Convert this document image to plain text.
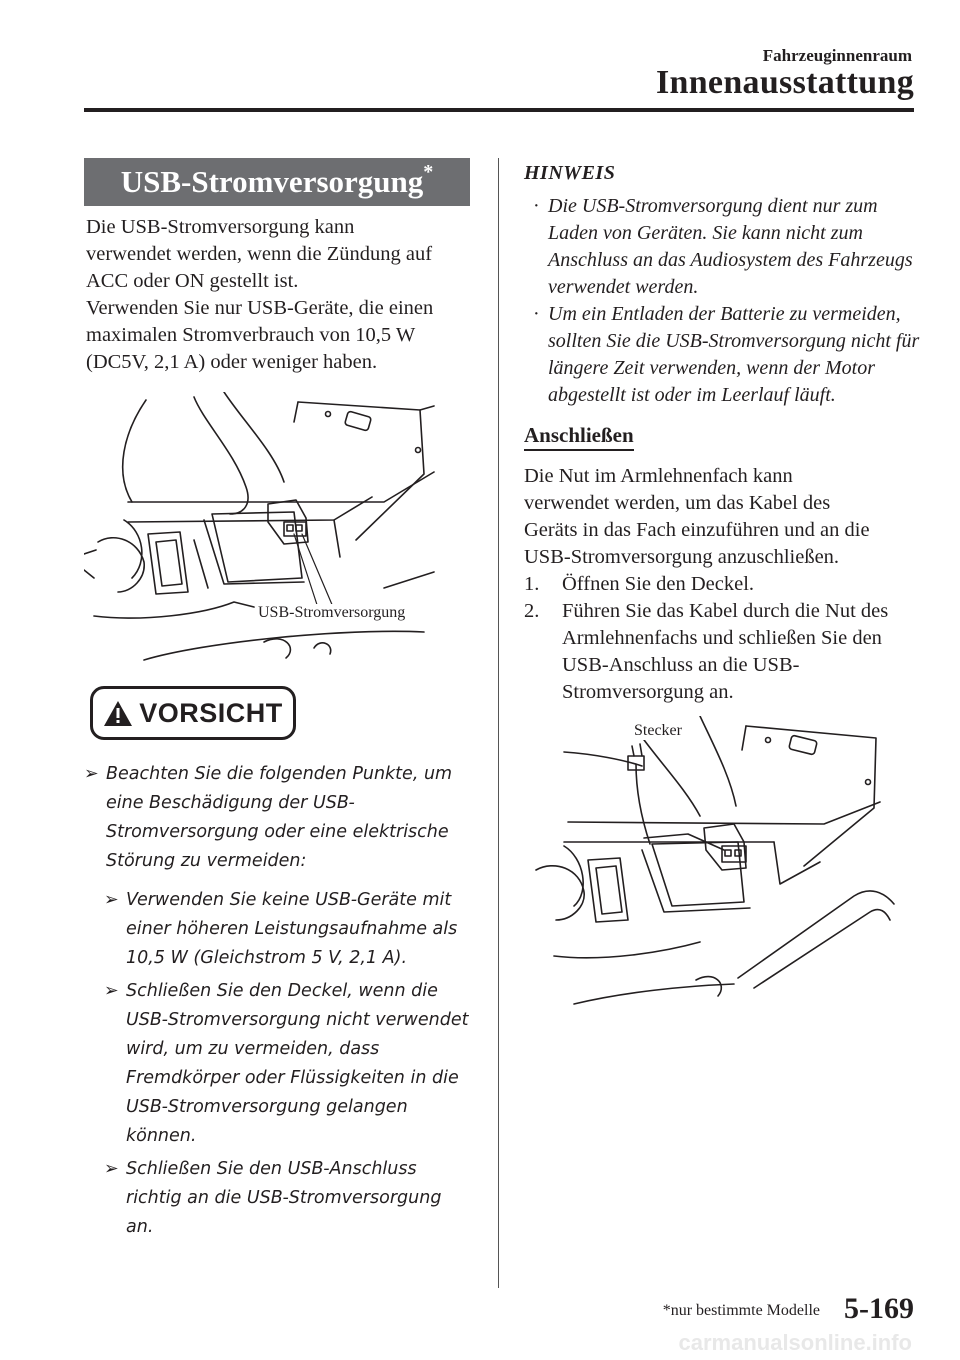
Fahrzeuginnenraum
Innenausstattung
USB-Stromversorgung*

Die USB-Stromversorgung kann

verwendet werden, wenn die Zündung auf

ACC oder ON gestellt ist.

Verwenden Sie nur USB-Geräte, die einen

maximalen Stromverbrauch von 10,5 W

(DC5V, 2,1 A) oder weniger haben.

USB-Stromversorgung
VORSICHT
➢ Beachten Sie die folgenden Punkte, um eine Beschädigung der USB-Stromversorgung oder eine elektrische Störung zu vermeiden:
➢ Verwenden Sie keine USB-Geräte mit einer höheren Leistungsaufnahme als 10,5 W (Gleichstrom 5 V, 2,1 A).
➢ Schließen Sie den Deckel, wenn die USB-Stromversorgung nicht verwendet wird, um zu vermeiden, dass Fremdkörper oder Flüssigkeiten in die USB-Stromversorgung gelangen können.
➢ Schließen Sie den USB-Anschluss richtig an die USB-Stromversorgung an.
HINWEIS
· Die USB-Stromversorgung dient nur zum Laden von Geräten. Sie kann nicht zum Anschluss an das Audiosystem des Fahrzeugs verwendet werden.
· Um ein Entladen der Batterie zu vermeiden, sollten Sie die USB-Stromversorgung nicht für längere Zeit verwenden, wenn der Motor abgestellt ist oder im Leerlauf läuft.
Anschließen

Die Nut im Armlehnenfach kann

verwendet werden, um das Kabel des

Geräts in das Fach einzuführen und an die

USB-Stromversorgung anzuschließen.

1. Öffnen Sie den Deckel.
2. Führen Sie das Kabel durch die Nut des Armlehnenfachs und schließen Sie den USB-Anschluss an die USB-Stromversorgung an.
Stecker
*nur bestimmte Modelle 5-169
carmanualsonline.info
